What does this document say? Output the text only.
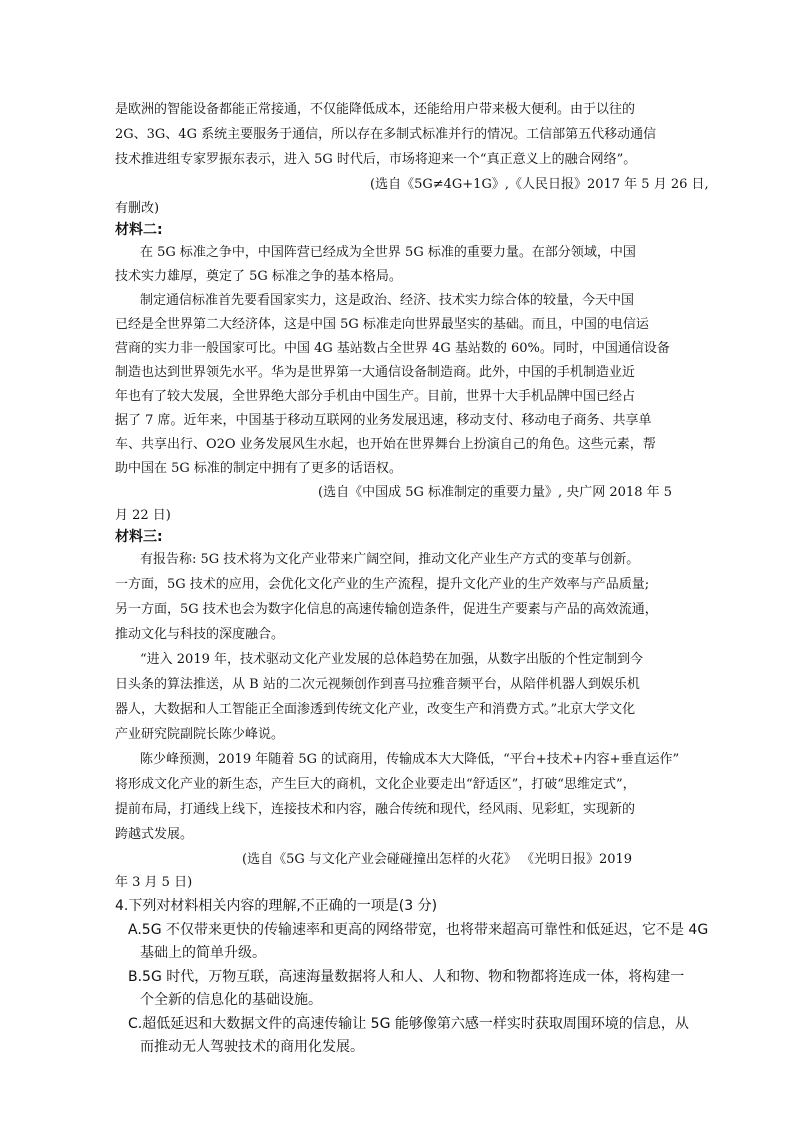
是欧洲的智能设备都能正常接通，不仅能降低成本，还能给用户带来极大便利。由于以往的
2G、3G、4G 系统主要服务于通信，所以存在多制式标准并行的情况。工信部第五代移动通信
技术推进组专家罗振东表示，进入 5G 时代后，市场将迎来一个“真正意义上的融合网络”。
(选自《5G≠4G+1G》,《人民日报》2017 年 5 月 26 日,
有删改)
材料二:
在 5G 标准之争中，中国阵营已经成为全世界 5G 标准的重要力量。在部分领域，中国
技术实力雄厚，奠定了 5G 标准之争的基本格局。
制定通信标准首先要看国家实力，这是政治、经济、技术实力综合体的较量，今天中国
已经是全世界第二大经济体，这是中国 5G 标准走向世界最坚实的基础。而且，中国的电信运
营商的实力非一般国家可比。中国 4G 基站数占全世界 4G 基站数的 60%。同时，中国通信设备
制造也达到世界领先水平。华为是世界第一大通信设备制造商。此外，中国的手机制造业近
年也有了较大发展，全世界绝大部分手机由中国生产。目前，世界十大手机品牌中国已经占
据了 7 席。近年来，中国基于移动互联网的业务发展迅速，移动支付、移动电子商务、共享单
车、共享出行、O2O 业务发展风生水起，也开始在世界舞台上扮演自己的角色。这些元素，帮
助中国在 5G 标准的制定中拥有了更多的话语权。
(选自《中国成 5G 标准制定的重要力量》, 央广网 2018 年 5
月 22 日)
材料三:
有报告称: 5G 技术将为文化产业带来广阔空间，推动文化产业生产方式的变革与创新。
一方面，5G 技术的应用，会优化文化产业的生产流程，提升文化产业的生产效率与产品质量;
另一方面，5G 技术也会为数字化信息的高速传输创造条件，促进生产要素与产品的高效流通，
推动文化与科技的深度融合。
“进入 2019 年，技术驱动文化产业发展的总体趋势在加强，从数字出版的个性定制到今
日头条的算法推送，从 B 站的二次元视频创作到喜马拉雅音频平台，从陪伴机器人到娱乐机
器人，大数据和人工智能正全面渗透到传统文化产业，改变生产和消费方式。”北京大学文化
产业研究院副院长陈少峰说。
陈少峰预测，2019 年随着 5G 的试商用，传输成本大大降低，“平台+技术+内容+垂直运作”
将形成文化产业的新生态，产生巨大的商机，文化企业要走出“舒适区”，打破“思维定式”，
提前布局，打通线上线下，连接技术和内容，融合传统和现代，经风雨、见彩虹，实现新的
跨越式发展。
(选自《5G 与文化产业会碰碰撞出怎样的火花》 《光明日报》2019
年 3 月 5 日)
4.下列对材料相关内容的理解,不正确的一项是(3 分)
A.5G 不仅带来更快的传输速率和更高的网络带宽，也将带来超高可靠性和低延迟，它不是 4G
基础上的简单升级。
B.5G 时代，万物互联，高速海量数据将人和人、人和物、物和物都将连成一体，将构建一
个全新的信息化的基础设施。
C.超低延迟和大数据文件的高速传输让 5G 能够像第六感一样实时获取周围环境的信息，从
而推动无人驾驶技术的商用化发展。
